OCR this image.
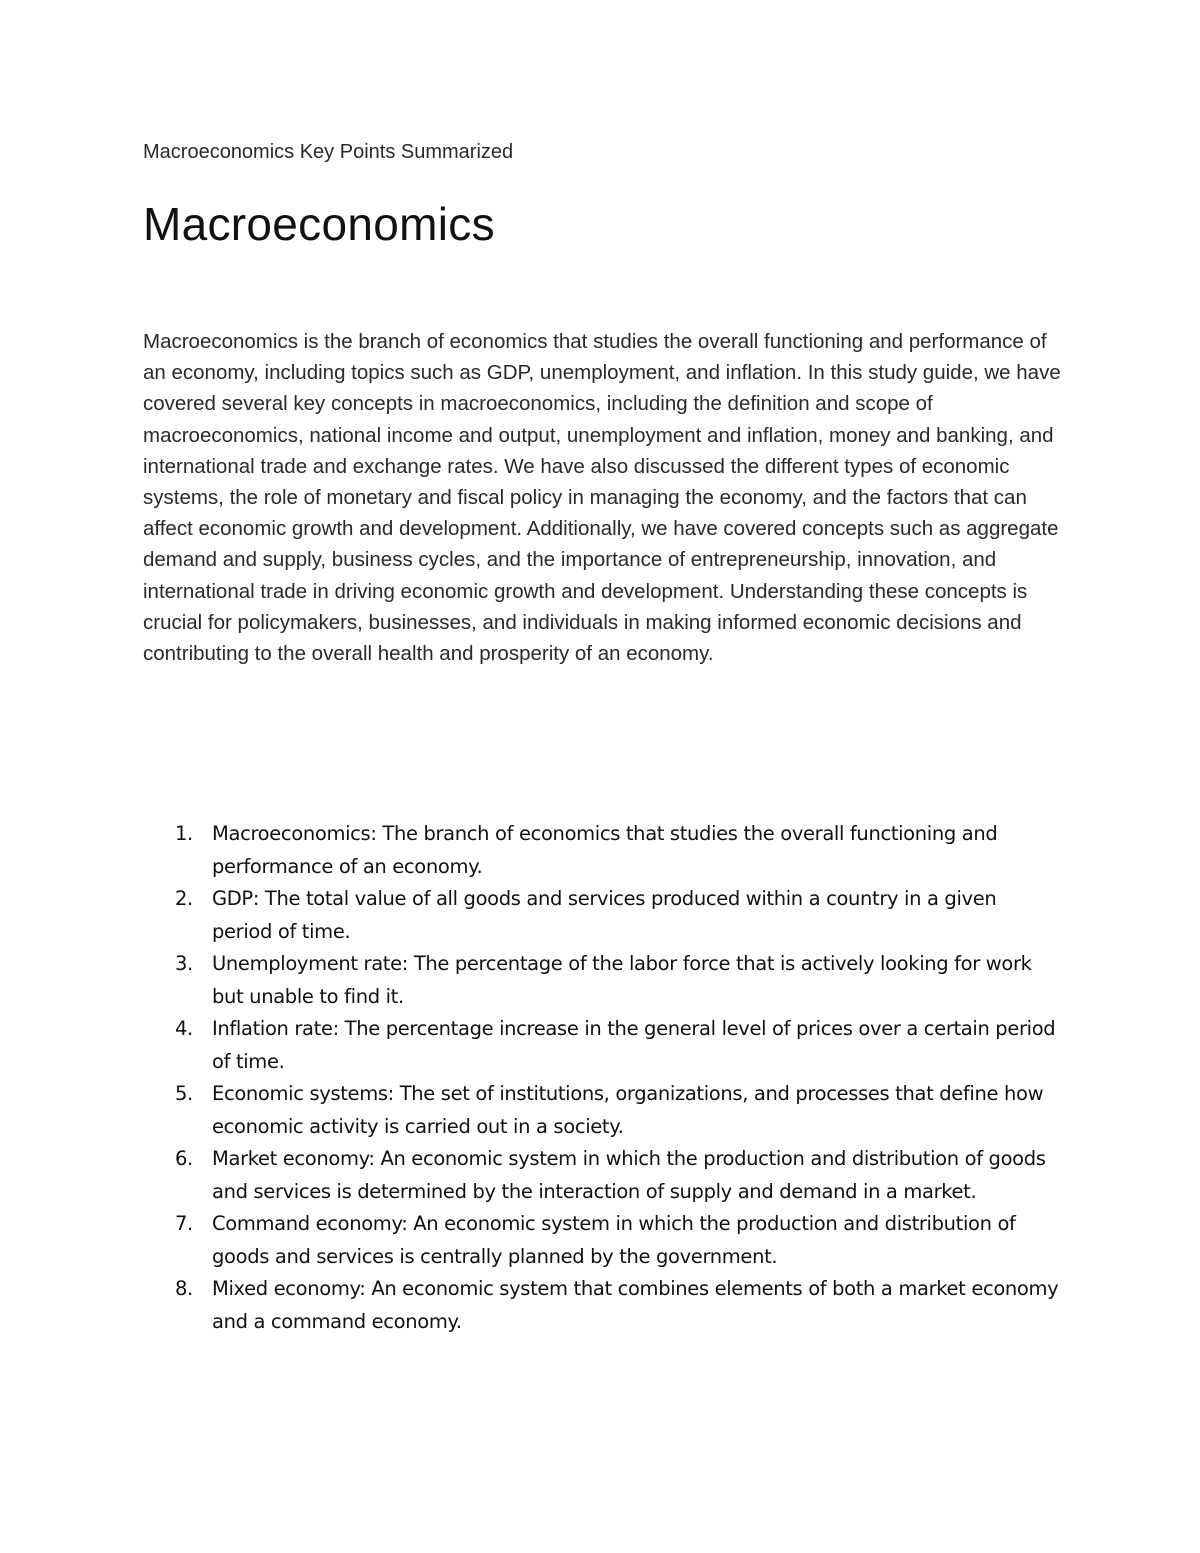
Macroeconomics Key Points Summarized
Macroeconomics

Macroeconomics is the branch of economics that studies the overall functioning and performance of an economy, including topics such as GDP, unemployment, and inflation. In this study guide, we have covered several key concepts in macroeconomics, including the definition and scope of macroeconomics, national income and output, unemployment and inflation, money and banking, and international trade and exchange rates. We have also discussed the different types of economic systems, the role of monetary and fiscal policy in managing the economy, and the factors that can affect economic growth and development. Additionally, we have covered concepts such as aggregate demand and supply, business cycles, and the importance of entrepreneurship, innovation, and international trade in driving economic growth and development. Understanding these concepts is crucial for policymakers, businesses, and individuals in making informed economic decisions and contributing to the overall health and prosperity of an economy.

1. Macroeconomics: The branch of economics that studies the overall functioning and performance of an economy.
2. GDP: The total value of all goods and services produced within a country in a given period of time.
3. Unemployment rate: The percentage of the labor force that is actively looking for work but unable to find it.
4. Inflation rate: The percentage increase in the general level of prices over a certain period of time.
5. Economic systems: The set of institutions, organizations, and processes that define how economic activity is carried out in a society.
6. Market economy: An economic system in which the production and distribution of goods and services is determined by the interaction of supply and demand in a market.
7. Command economy: An economic system in which the production and distribution of goods and services is centrally planned by the government.
8. Mixed economy: An economic system that combines elements of both a market economy and a command economy.
